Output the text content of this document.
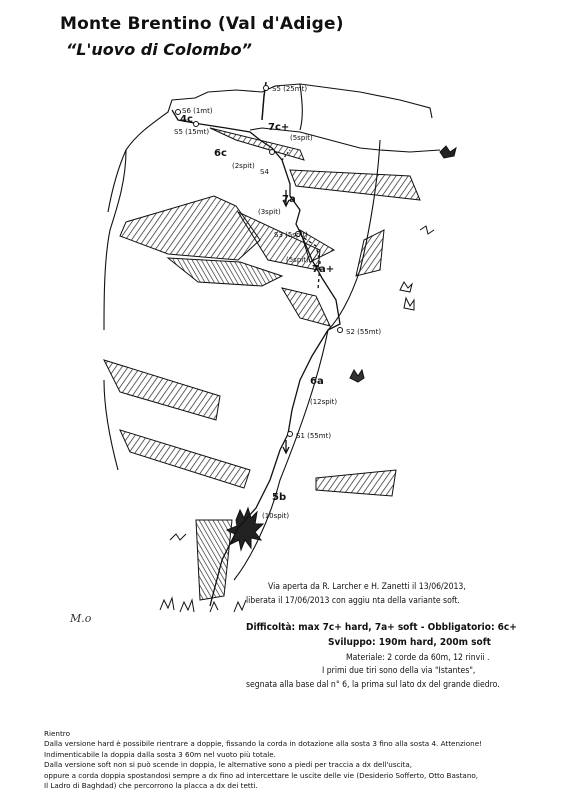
Monte Brentino (Val d'Adige)
“L'uovo di Colombo”
S5 (25mt)
S6 (1mt)
S5 (15mt)
S4
S3 (5spit)
S2 (55mt)
S1 (55mt)
7c+
6c
4c
7a
7a+
6a
5b
(5spit)
(2spit)
(3spit)
(5spit)
(12spit)
(10spit)
M.o
Via aperta da R. Larcher e H. Zanetti il 13/06/2013,
liberata il 17/06/2013 con aggiu nta della variante soft.
Difficoltà: max 7c+ hard, 7a+ soft - Obbligatorio: 6c+
Sviluppo: 190m hard, 200m soft
Materiale: 2 corde da 60m, 12 rinvii .
I primi due tiri sono della via "Istantes",
segnata alla base dal n° 6, la prima sul lato dx del grande diedro.
Rientro
Dalla versione hard è possibile rientrare a doppie, fissando la corda in dotazione alla sosta 3 fino alla sosta 4. Attenzione!
Indimenticabile la doppia dalla sosta 3 60m nel vuoto più totale.
Dalla versione soft non si può scende in doppia, le alternative sono a piedi per traccia a dx dell'uscita,
oppure a corda doppia spostandosi sempre a dx fino ad intercettare le uscite delle vie (Desiderio Sofferto, Otto Bastano,
Il Ladro di Baghdad) che percorrono la placca a dx dei tetti.
